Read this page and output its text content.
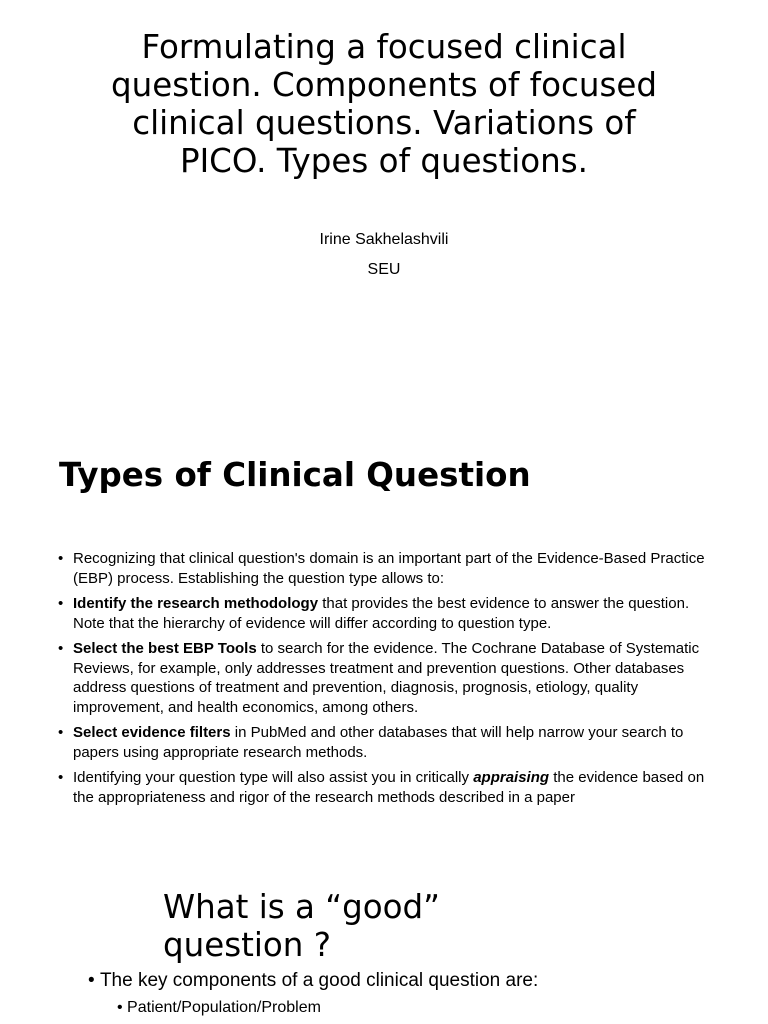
Formulating a focused clinical question. Components of focused clinical questions. Variations of PICO. Types of questions.
Irine Sakhelashvili
SEU
Types of Clinical Question
• Recognizing that clinical question's domain is an important part of the Evidence-Based Practice (EBP) process. Establishing the question type allows to:
• Identify the research methodology that provides the best evidence to answer the question. Note that the hierarchy of evidence will differ according to question type.
• Select the best EBP Tools to search for the evidence. The Cochrane Database of Systematic Reviews, for example, only addresses treatment and prevention questions. Other databases address questions of treatment and prevention, diagnosis, prognosis, etiology, quality improvement, and health economics, among others.
• Select evidence filters in PubMed and other databases that will help narrow your search to papers using appropriate research methods.
• Identifying your question type will also assist you in critically appraising the evidence based on the appropriateness and rigor of the research methods described in a paper
What is a “good” question ?
• The key components of a good clinical question are:
• Patient/Population/Problem
